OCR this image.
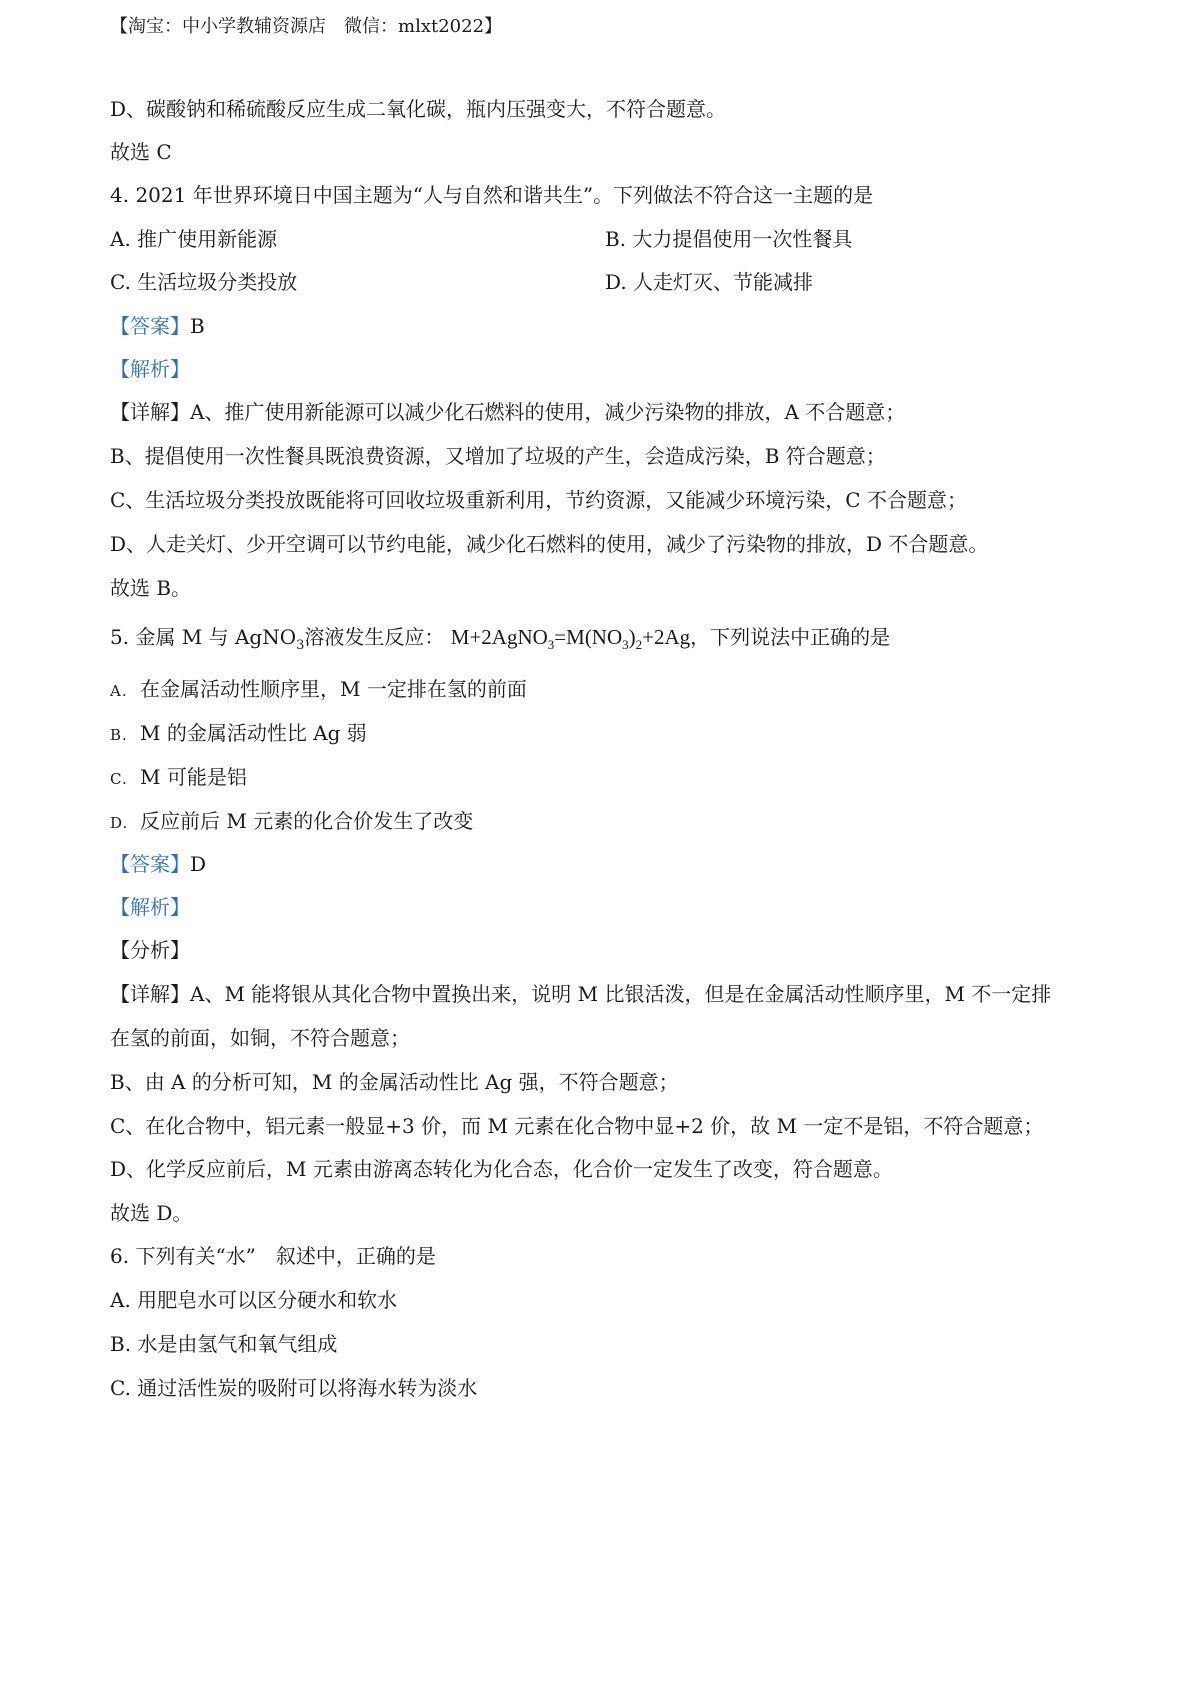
【淘宝：中小学教辅资源店　微信：mlxt2022】
D、碳酸钠和稀硫酸反应生成二氧化碳，瓶内压强变大，不符合题意。
故选 C
4. 2021 年世界环境日中国主题为“人与自然和谐共生”。下列做法不符合这一主题的是
A. 推广使用新能源	B. 大力提倡使用一次性餐具
C. 生活垃圾分类投放	D. 人走灯灭、节能减排
【答案】B
【解析】
【详解】A、推广使用新能源可以减少化石燃料的使用，减少污染物的排放，A 不合题意；
B、提倡使用一次性餐具既浪费资源，又增加了垃圾的产生，会造成污染，B 符合题意；
C、生活垃圾分类投放既能将可回收垃圾重新利用，节约资源，又能减少环境污染，C 不合题意；
D、人走关灯、少开空调可以节约电能，减少化石燃料的使用，减少了污染物的排放，D 不合题意。
故选 B。
5. 金属 M 与 AgNO$_3$溶液发生反应： $M+2AgNO_3=M(NO_3)_2+2Ag$，下列说法中正确的是
A. 在金属活动性顺序里，M 一定排在氢的前面
B. M 的金属活动性比 Ag 弱
C. M 可能是铝
D. 反应前后 M 元素的化合价发生了改变
【答案】D
【解析】
【分析】
【详解】A、M 能将银从其化合物中置换出来，说明 M 比银活泼，但是在金属活动性顺序里，M 不一定排
在氢的前面，如铜，不符合题意；
B、由 A 的分析可知，M 的金属活动性比 Ag 强，不符合题意；
C、在化合物中，铝元素一般显+3 价，而 M 元素在化合物中显+2 价，故 M 一定不是铝，不符合题意；
D、化学反应前后，M 元素由游离态转化为化合态，化合价一定发生了改变，符合题意。
故选 D。
6. 下列有关“水”　叙述中，正确的是
A. 用肥皂水可以区分硬水和软水
B. 水是由氢气和氧气组成
C. 通过活性炭的吸附可以将海水转为淡水
